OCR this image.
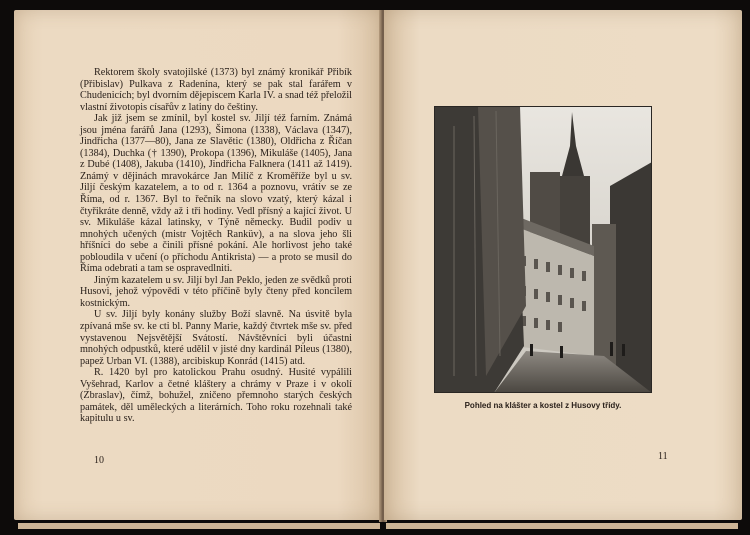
Rektorem školy svatojilské (1373) byl známý kronikář Přibík (Přibislav) Pulkava z Radenína, který se pak stal farářem v Chudenicích; byl dvorním dějepiscem Karla IV. a snad též přeložil vlastní životopis císařův z latiny do češtiny.

Jak již jsem se zmínil, byl kostel sv. Jiljí též farním. Známá jsou jména farářů Jana (1293), Šimona (1338), Václava (1347), Jindřicha (1377—80), Jana ze Slavětic (1380), Oldřicha z Říčan (1384), Duchka († 1390), Prokopa (1396), Mikuláše (1405), Jana z Dubé (1408), Jakuba (1410), Jindřicha Falknera (1411 až 1419). Známý v dějinách mravokárce Jan Milíč z Kroměříže byl u sv. Jiljí českým kazatelem, a to od r. 1364 a poznovu, vrátiv se ze Říma, od r. 1367. Byl to řečník na slovo vzatý, který kázal i čtyřikráte denně, vždy až i tři hodiny. Vedl přísný a kající život. U sv. Mikuláše kázal latinsky, v Týně německy. Budil podiv u mnohých učených (mistr Vojtěch Ranküv), a na slova jeho šli hříšníci do sebe a činili přísné pokání. Ale horlivost jeho také pobloudila v učení (o příchodu Antikrista) — a proto se musil do Říma odebrati a tam se ospravedlniti.

Jiným kazatelem u sv. Jiljí byl Jan Peklo, jeden ze svědků proti Husovi, jehož výpovědi v této příčině byly čteny před koncilem kostnickým.

U sv. Jiljí byly konány služby Boží slavně. Na úsvitě byla zpívaná mše sv. ke cti bl. Panny Marie, každý čtvrtek mše sv. před vystavenou Nejsvětější Svátostí. Návštěvníci byli účastni mnohých odpustků, které udělil v jisté dny kardinál Pileus (1380), papež Urban VI. (1388), arcibiskup Konrád (1415) atd.

R. 1420 byl pro katolickou Prahu osudný. Husité vypálili Vyšehrad, Karlov a četné kláštery a chrámy v Praze i v okolí (Zbraslav), čímž, bohužel, zničeno přemnoho starých českých památek, děl uměleckých a literárních. Toho roku rozehnali také kapitulu u sv.

10
Pohled na klášter a kostel z Husovy třídy.
11
